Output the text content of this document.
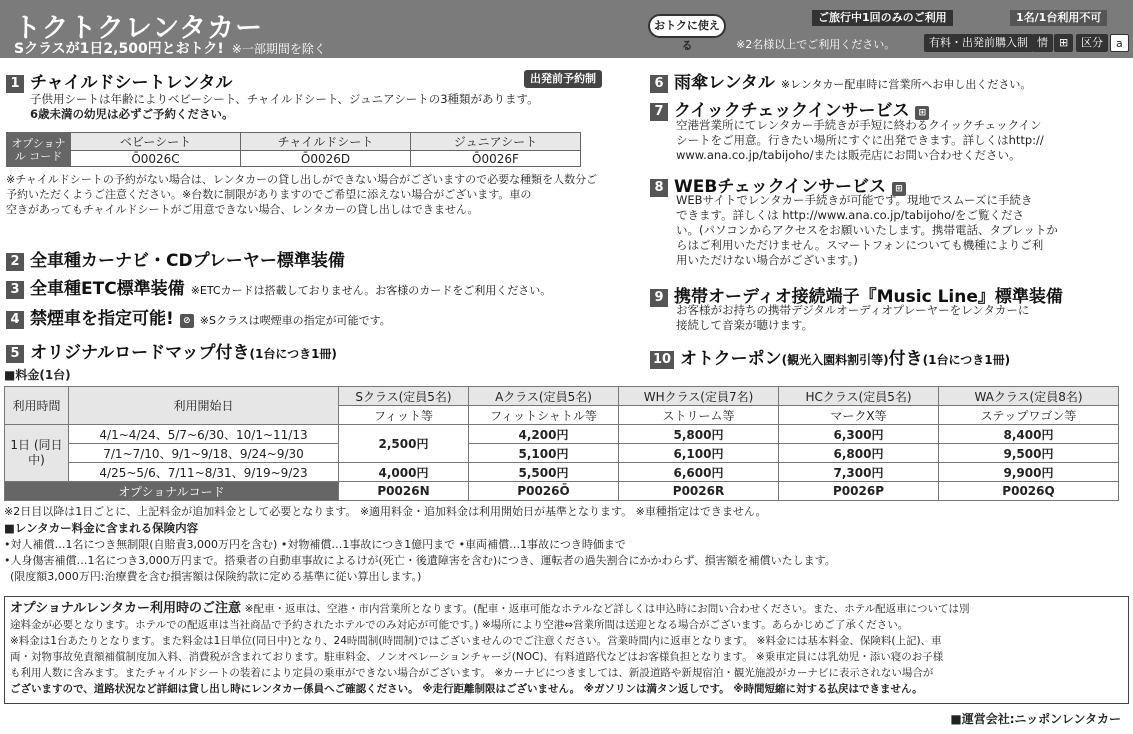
トクトクレンタカー
Sクラスが1日2,500円とおトク! ※一部期間を除く
おトクに使える
ご旅行中1回のみのご利用	1名/1台利用不可
※2名様以上でご利用ください。	有料・出発前購入制 情	⊞	区分	a
1 チャイルドシートレンタル	出発前予約制
子供用シートは年齢によりベビーシート、チャイルドシート、ジュニアシートの3種類があります。
6歳未満の幼児は必ずご予約ください。
オプショナル コード	ベビーシート	チャイルドシート	ジュニアシート
	Ō0026C	Ō0026D	Ō0026F
※チャイルドシートの予約がない場合は、レンタカーの貸し出しができない場合がございますので必要な種類を人数分ご
予約いただくようご注意ください。※台数に制限がありますのでご希望に添えない場合がございます。車の
空きがあってもチャイルドシートがご用意できない場合、レンタカーの貸し出しはできません。
2 全車種カーナビ・CDプレーヤー標準装備
3 全車種ETC標準装備 ※ETCカードは搭載しておりません。お客様のカードをご利用ください。
4 禁煙車を指定可能! ⊘ ※Sクラスは喫煙車の指定が可能です。
5 オリジナルロードマップ付き(1台につき1冊)
6 雨傘レンタル ※レンタカー配車時に営業所へお申し出ください。
7 クイックチェックインサービス ⊞
空港営業所にてレンタカー手続きが手短に終わるクイックチェックイン
シートをご用意。行きたい場所にすぐに出発できます。詳しくはhttp://
www.ana.co.jp/tabijoho/または販売店にお問い合わせください。
8 WEBチェックインサービス ⊞
WEBサイトでレンタカー手続きが可能です。現地でスムーズに手続き
できます。詳しくは http://www.ana.co.jp/tabijoho/をご覧くださ
い。(パソコンからアクセスをお願いいたします。携帯電話、タブレットか
らはご利用いただけません。スマートフォンについても機種によりご利
用いただけない場合がございます。)
9 携帯オーディオ接続端子『Music Line』標準装備
お客様がお持ちの携帯デジタルオーディオプレーヤーをレンタカーに
接続して音楽が聴けます。
10 オトクーポン(観光入園料割引等)付き(1台につき1冊)
■料金(1台)
利用時間	利用開始日	Sクラス(定員5名)	Aクラス(定員5名)	WHクラス(定員7名)	HCクラス(定員5名)	WAクラス(定員8名)
		フィット等	フィットシャトル等	ストリーム等	マークX等	ステップワゴン等
1日 (同日中)	4/1~4/24、5/7~6/30、10/1~11/13	2,500円	4,200円	5,800円	6,300円	8,400円
	7/1~7/10、9/1~9/18、9/24~9/30		5,100円	6,100円	6,800円	9,500円
	4/25~5/6、7/11~8/31、9/19~9/23	4,000円	5,500円	6,600円	7,300円	9,900円
オプショナルコード		P0026N	P0026Ō	P0026R	P0026P	P0026Q
※2日目以降は1日ごとに、上記料金が追加料金として必要となります。 ※適用料金・追加料金は利用開始日が基準となります。 ※車種指定はできません。
■レンタカー料金に含まれる保険内容
•対人補償…1名につき無制限(自賠責3,000万円を含む) •対物補償…1事故につき1億円まで •車両補償…1事故につき時価まで
•人身傷害補償…1名につき3,000万円まで。搭乗者の自動車事故によるけが(死亡・後遺障害を含む)につき、運転者の過失割合にかかわらず、損害額を補償いたします。
(限度額3,000万円:治療費を含む損害額は保険約款に定める基準に従い算出します。)
オプショナルレンタカー利用時のご注意 ※配車・返車は、空港・市内営業所となります。(配車・返車可能なホテルなど詳しくは申込時にお問い合わせください。また、ホテル配返車については別
途料金が必要となります。ホテルでの配返車は当社商品で予約されたホテルでのみ対応が可能です。) ※場所により空港⇔営業所間は送迎となる場合がございます。あらかじめご了承ください。
※料金は1台あたりとなります。また料金は1日単位(同日中)となり、24時間制(時間制)ではございませんのでご注意ください。営業時間内に返車となります。 ※料金には基本料金、保険料(上記)、車
両・対物事故免責額補償制度加入料、消費税が含まれております。駐車料金、ノンオペレーションチャージ(NOC)、有料道路代などはお客様負担となります。 ※乗車定員には乳幼児・添い寝のお子様
も利用人数に含みます。またチャイルドシートの装着により定員の乗車ができない場合がございます。 ※カーナビにつきましては、新設道路や新規宿泊・観光施設がカーナビに表示されない場合が
ございますので、道路状況など詳細は貸し出し時にレンタカー係員へご確認ください。 ※走行距離制限はございません。 ※ガソリンは満タン返しです。 ※時間短縮に対する払戻はできません。
■運営会社:ニッポンレンタカー
